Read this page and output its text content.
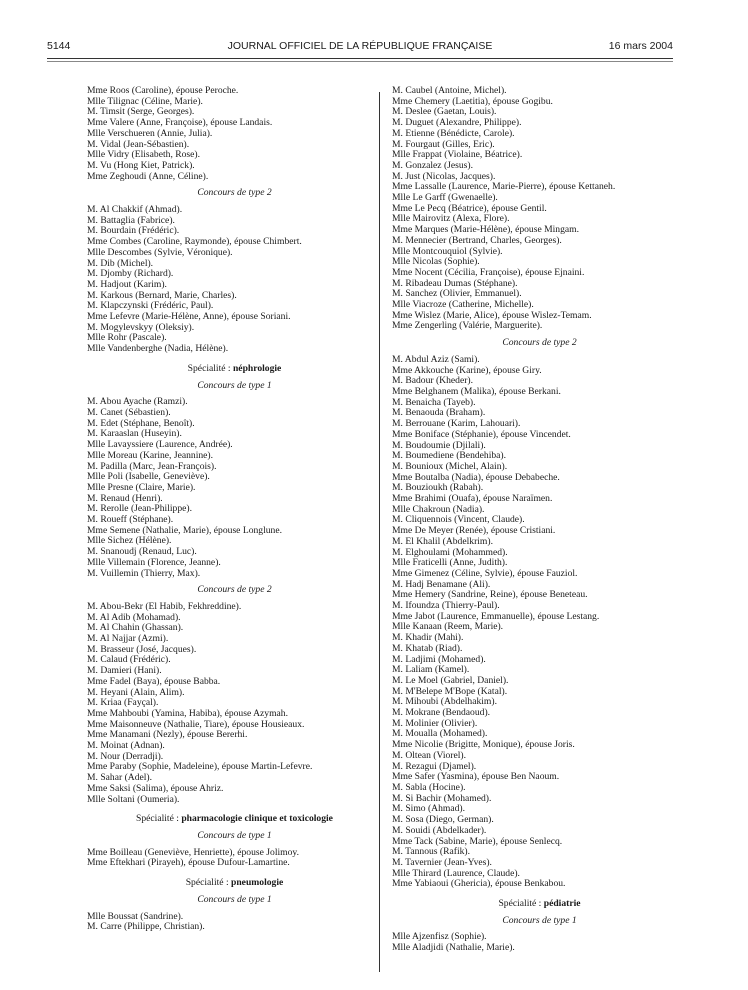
5144	JOURNAL OFFICIEL DE LA RÉPUBLIQUE FRANÇAISE	16 mars 2004
Mme Roos (Caroline), épouse Peroche.
Mlle Tilignac (Céline, Marie).
M. Timsit (Serge, Georges).
Mme Valere (Anne, Françoise), épouse Landais.
Mlle Verschueren (Annie, Julia).
M. Vidal (Jean-Sébastien).
Mlle Vidry (Elisabeth, Rose).
M. Vu (Hong Kiet, Patrick).
Mme Zeghoudi (Anne, Céline).
Concours de type 2
M. Al Chakkif (Ahmad).
M. Battaglia (Fabrice).
M. Bourdain (Frédéric).
Mme Combes (Caroline, Raymonde), épouse Chimbert.
Mlle Descombes (Sylvie, Véronique).
M. Dib (Michel).
M. Djomby (Richard).
M. Hadjout (Karim).
M. Karkous (Bernard, Marie, Charles).
M. Klapczynski (Frédéric, Paul).
Mme Lefevre (Marie-Hélène, Anne), épouse Soriani.
M. Mogylevskyy (Oleksiy).
Mlle Rohr (Pascale).
Mlle Vandenberghe (Nadia, Hélène).
Spécialité : néphrologie
Concours de type 1
M. Abou Ayache (Ramzi).
M. Canet (Sébastien).
M. Edet (Stéphane, Benoît).
M. Karaaslan (Huseyin).
Mlle Lavayssiere (Laurence, Andrée).
Mlle Moreau (Karine, Jeannine).
M. Padilla (Marc, Jean-François).
Mlle Poli (Isabelle, Geneviève).
Mlle Presne (Claire, Marie).
M. Renaud (Henri).
M. Rerolle (Jean-Philippe).
M. Roueff (Stéphane).
Mme Semene (Nathalie, Marie), épouse Longlune.
Mlle Sichez (Hélène).
M. Snanoudj (Renaud, Luc).
Mlle Villemain (Florence, Jeanne).
M. Vuillemin (Thierry, Max).
Concours de type 2
M. Abou-Bekr (El Habib, Fekhreddine).
M. Al Adib (Mohamad).
M. Al Chahin (Ghassan).
M. Al Najjar (Azmi).
M. Brasseur (José, Jacques).
M. Calaud (Frédéric).
M. Damieri (Hani).
Mme Fadel (Baya), épouse Babba.
M. Heyani (Alain, Alim).
M. Kriaa (Fayçal).
Mme Mahboubi (Yamina, Habiba), épouse Azymah.
Mme Maisonneuve (Nathalie, Tiare), épouse Housieaux.
Mme Manamani (Nezly), épouse Bererhi.
M. Moinat (Adnan).
M. Nour (Derradji).
Mme Paraby (Sophie, Madeleine), épouse Martin-Lefevre.
M. Sahar (Adel).
Mme Saksi (Salima), épouse Ahriz.
Mlle Soltani (Oumeria).
Spécialité : pharmacologie clinique et toxicologie
Concours de type 1
Mme Boilleau (Geneviève, Henriette), épouse Jolimoy.
Mme Eftekhari (Pirayeh), épouse Dufour-Lamartine.
Spécialité : pneumologie
Concours de type 1
Mlle Boussat (Sandrine).
M. Carre (Philippe, Christian).
M. Caubel (Antoine, Michel).
Mme Chemery (Laetitia), épouse Gogibu.
M. Deslee (Gaetan, Louis).
M. Duguet (Alexandre, Philippe).
M. Etienne (Bénédicte, Carole).
M. Fourgaut (Gilles, Eric).
Mlle Frappat (Violaine, Béatrice).
M. Gonzalez (Jesus).
M. Just (Nicolas, Jacques).
Mme Lassalle (Laurence, Marie-Pierre), épouse Kettaneh.
Mlle Le Garff (Gwenaelle).
Mme Le Pecq (Béatrice), épouse Gentil.
Mlle Mairovitz (Alexa, Flore).
Mme Marques (Marie-Hélène), épouse Mingam.
M. Mennecier (Bertrand, Charles, Georges).
Mlle Montcouquiol (Sylvie).
Mlle Nicolas (Sophie).
Mme Nocent (Cécilia, Françoise), épouse Ejnaini.
M. Ribadeau Dumas (Stéphane).
M. Sanchez (Olivier, Emmanuel).
Mlle Viacroze (Catherine, Michelle).
Mme Wislez (Marie, Alice), épouse Wislez-Temam.
Mme Zengerling (Valérie, Marguerite).
Concours de type 2
M. Abdul Aziz (Sami).
Mme Akkouche (Karine), épouse Giry.
M. Badour (Kheder).
Mme Belghanem (Malika), épouse Berkani.
M. Benaicha (Tayeb).
M. Benaouda (Braham).
M. Berrouane (Karim, Lahouari).
Mme Boniface (Stéphanie), épouse Vincendet.
M. Boudoumie (Djilali).
M. Boumediene (Bendehiba).
M. Bounioux (Michel, Alain).
Mme Boutalba (Nadia), épouse Debabeche.
M. Bouzioukh (Rabah).
Mme Brahimi (Ouafa), épouse Naraïmen.
Mlle Chakroun (Nadia).
M. Cliquennois (Vincent, Claude).
Mme De Meyer (Renée), épouse Cristiani.
M. El Khalil (Abdelkrim).
M. Elghoulami (Mohammed).
Mlle Fraticelli (Anne, Judith).
Mme Gimenez (Céline, Sylvie), épouse Fauziol.
M. Hadj Benamane (Ali).
Mme Hemery (Sandrine, Reine), épouse Beneteau.
M. Ifoundza (Thierry-Paul).
Mme Jabot (Laurence, Emmanuelle), épouse Lestang.
Mlle Kanaan (Reem, Marie).
M. Khadir (Mahi).
M. Khatab (Riad).
M. Ladjimi (Mohamed).
M. Laliam (Kamel).
M. Le Moel (Gabriel, Daniel).
M. M'Belepe M'Bope (Katal).
M. Mihoubi (Abdelhakim).
M. Mokrane (Bendaoud).
M. Molinier (Olivier).
M. Moualla (Mohamed).
Mme Nicolie (Brigitte, Monique), épouse Joris.
M. Oltean (Viorel).
M. Rezagui (Djamel).
Mme Safer (Yasmina), épouse Ben Naoum.
M. Sabla (Hocine).
M. Si Bachir (Mohamed).
M. Simo (Ahmad).
M. Sosa (Diego, German).
M. Souidi (Abdelkader).
Mme Tack (Sabine, Marie), épouse Senlecq.
M. Tannous (Rafik).
M. Tavernier (Jean-Yves).
Mlle Thirard (Laurence, Claude).
Mme Yabiaoui (Ghericia), épouse Benkabou.
Spécialité : pédiatrie
Concours de type 1
Mlle Ajzenfisz (Sophie).
Mlle Aladjidi (Nathalie, Marie).
